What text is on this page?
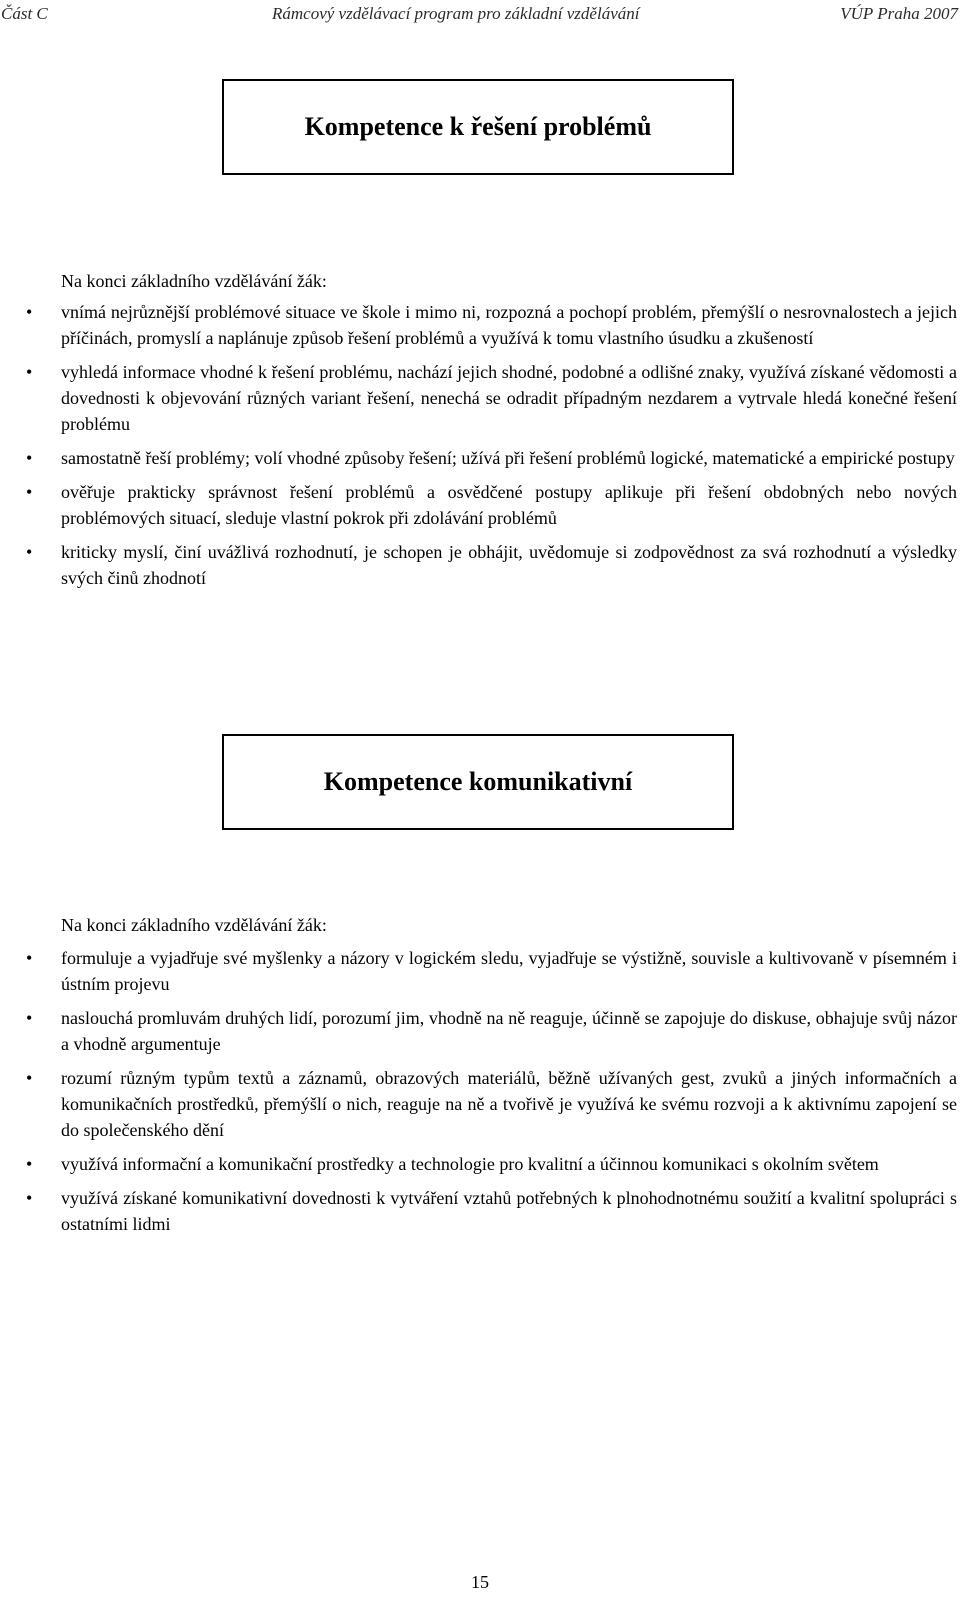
Část C	Rámcový vzdělávací program pro základní vzdělávání	VÚP Praha 2007
Kompetence k řešení problémů
Na konci základního vzdělávání žák:
• vnímá nejrůznější problémové situace ve škole i mimo ni, rozpozná a pochopí problém, přemýšlí o nesrovnalostech a jejich příčinách, promyslí a naplánuje způsob řešení problémů a využívá k tomu vlastního úsudku a zkušeností
• vyhledá informace vhodné k řešení problému, nachází jejich shodné, podobné a odlišné znaky, využívá získané vědomosti a dovednosti k objevování různých variant řešení, nenechá se odradit případným nezdarem a vytrvale hledá konečné řešení problému
• samostatně řeší problémy; volí vhodné způsoby řešení; užívá při řešení problémů logické, matematické a empirické postupy
• ověřuje prakticky správnost řešení problémů a osvědčené postupy aplikuje při řešení obdobných nebo nových problémových situací, sleduje vlastní pokrok při zdolávání problémů
• kriticky myslí, činí uvážlivá rozhodnutí, je schopen je obhájit, uvědomuje si zodpovědnost za svá rozhodnutí a výsledky svých činů zhodnotí
Kompetence komunikativní
Na konci základního vzdělávání žák:
• formuluje a vyjadřuje své myšlenky a názory v logickém sledu, vyjadřuje se výstižně, souvisle a kultivovaně v písemném i ústním projevu
• naslouchá promluvám druhých lidí, porozumí jim, vhodně na ně reaguje, účinně se zapojuje do diskuse, obhajuje svůj názor a vhodně argumentuje
• rozumí různým typům textů a záznamů, obrazových materiálů, běžně užívaných gest, zvuků a jiných informačních a komunikačních prostředků, přemýšlí o nich, reaguje na ně a tvořivě je využívá ke svému rozvoji a k aktivnímu zapojení se do společenského dění
• využívá informační a komunikační prostředky a technologie pro kvalitní a účinnou komunikaci s okolním světem
• využívá získané komunikativní dovednosti k vytváření vztahů potřebných k plnohodnotnému soužití a kvalitní spolupráci s ostatními lidmi
15
